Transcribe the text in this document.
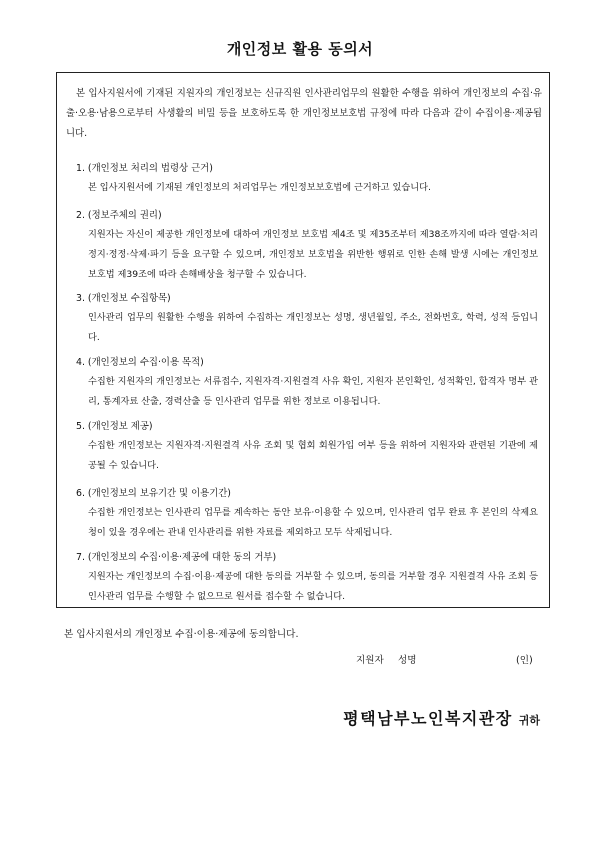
개인정보 활용 동의서

본 입사지원서에 기재된 지원자의 개인정보는 신규직원 인사관리업무의 원활한 수행을 위하여 개인정보의 수집·유출·오용·남용으로부터 사생활의 비밀 등을 보호하도록 한 개인정보보호법 규정에 따라 다음과 같이 수집이용·제공됩니다.

1. (개인정보 처리의 법령상 근거)

본 입사지원서에 기재된 개인정보의 처리업무는 개인정보보호법에 근거하고 있습니다.

2. (정보주체의 권리)

지원자는 자신이 제공한 개인정보에 대하여 개인정보 보호법 제4조 및 제35조부터 제38조까지에 따라 열람·처리정지·정정·삭제·파기 등을 요구할 수 있으며, 개인정보 보호법을 위반한 행위로 인한 손해 발생 시에는 개인정보 보호법 제39조에 따라 손해배상을 청구할 수 있습니다.

3. (개인정보 수집항목)

인사관리 업무의 원활한 수행을 위하여 수집하는 개인정보는 성명, 생년월일, 주소, 전화번호, 학력, 성적 등입니다.

4. (개인정보의 수집·이용 목적)

수집한 지원자의 개인정보는 서류접수, 지원자격·지원결격 사유 확인, 지원자 본인확인, 성적확인, 합격자 명부 관리, 통계자료 산출, 경력산출 등 인사관리 업무를 위한 정보로 이용됩니다.

5. (개인정보 제공)

수집한 개인정보는 지원자격·지원결격 사유 조회 및 협회 회원가입 여부 등을 위하여 지원자와 관련된 기관에 제공될 수 있습니다.

6. (개인정보의 보유기간 및 이용기간)

수집한 개인정보는 인사관리 업무를 계속하는 동안 보유·이용할 수 있으며, 인사관리 업무 완료 후 본인의 삭제요청이 있을 경우에는 관내 인사관리를 위한 자료를 제외하고 모두 삭제됩니다.

7. (개인정보의 수집·이용·제공에 대한 동의 거부)

지원자는 개인정보의 수집·이용·제공에 대한 동의를 거부할 수 있으며, 동의를 거부할 경우 지원결격 사유 조회 등 인사관리 업무를 수행할 수 없으므로 원서를 접수할 수 없습니다.

본 입사지원서의 개인정보 수집·이용·제공에 동의합니다.

지원자 성명	(인)

평택남부노인복지관장 귀하
